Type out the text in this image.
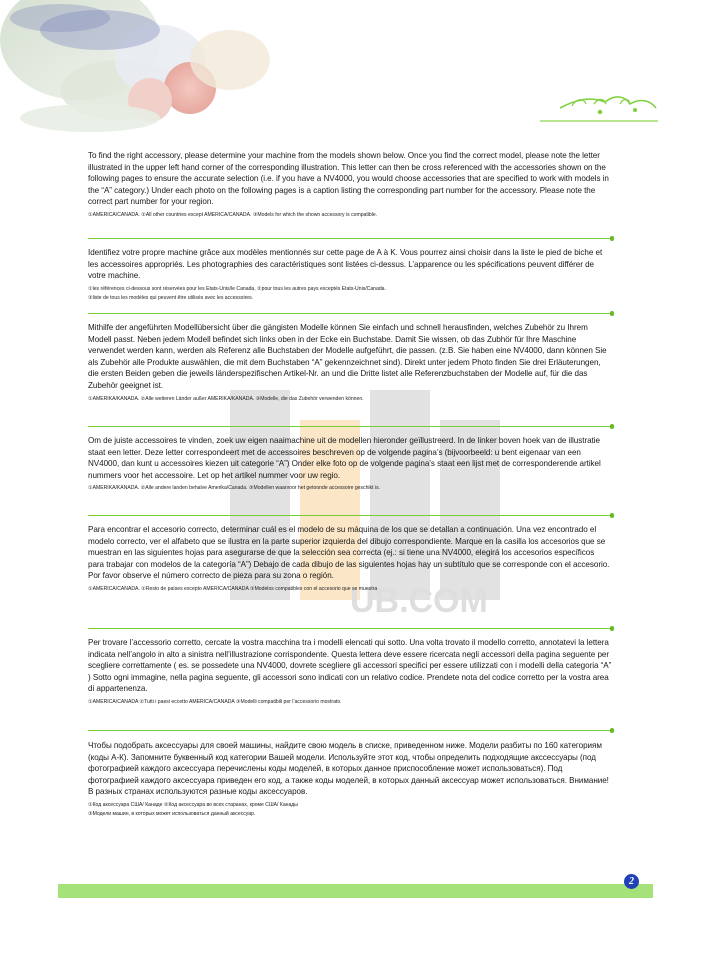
UB.COM

To find the right accessory, please determine your machine from the models shown below. Once you find the correct model, please note the letter illustrated in the upper left hand corner of the corresponding illustration. This letter can then be cross referenced with the accessories shown on the following pages to ensure the accurate selection (i.e. if you have a NV4000, you would choose accessories that are specified to work with models in the “A” category.) Under each photo on the following pages is a caption listing the corresponding part number for the accessory. Please note the correct part number for your region.

①AMERICA/CANADA. ②All other countries except AMERICA/CANADA. ③Models for which the shown accessory is compatible.

Identifiez votre propre machine grâce aux modèles mentionnés sur cette page de A à K. Vous pourrez ainsi choisir dans la liste le pied de biche et les accessoires appropriés. Les photographies des caractéristiques sont listées ci-dessus. L’apparence ou les spécifications peuvent différer de votre machine.

①les références ci-dessous sont réservées pour les Etats-Unis/le Canada, ②pour tous les autres pays exceptés Etats-Unis/Canada.
③liste de tous les modèles qui peuvent être utilisés avec les accessoires.

Mithilfe der angeführten Modellübersicht über die gängisten Modelle können Sie einfach und schnell herausfinden, welches Zubehör zu Ihrem Modell passt. Neben jedem Modell befindet sich links oben in der Ecke ein Buchstabe. Damit Sie wissen, ob das Zubhör für Ihre Maschine verwendet werden kann, werden als Referenz alle Buchstaben der Modelle aufgeführt, die passen. (z.B. Sie haben eine NV4000, dann können Sie als Zubehör alle Produkte auswählen, die mit dem Buchstaben “A” gekennzeichnet sind). Direkt unter jedem Photo finden Sie drei Erläuterungen, die ersten Beiden geben die jeweils länderspezifischen Artikel-Nr. an und die Dritte listet alle Referenzbuchstaben der Modelle auf, für die das Zubehör geeignet ist.

①AMERIKA/KANADA. ②Alle weiteren Länder außer AMERIKA/KANADA. ③Modelle, die das Zubehör verwenden können.

Om de juiste accessoires te vinden, zoek uw eigen naaimachine uit de modellen hieronder geïllustreerd. In de linker boven hoek van de illustratie staat een letter. Deze letter correspondeert met de accessoires beschreven op de volgende pagina’s (bijvoorbeeld: u bent eigenaar van een NV4000, dan kunt u accessoires kiezen uit categorie “A”) Onder elke foto op de volgende pagina’s staat een lijst met de corresponderende artikel nummers voor het accessoire. Let op het artikel nummer voor uw regio.

①AMERIKA/KANADA. ②Alle andere landen behalve Amerika/Canada. ③Modellen waarvoor het getoonde accessoire geschikt is.

Para encontrar el accesorio correcto, determinar cuál es el modelo de su máquina de los que se detallan a continuación. Una vez encontrado el modelo correcto, ver el alfabeto que se ilustra en la parte superior izquierda del dibujo correspondiente. Marque en la casilla los accesorios que se muestran en las siguientes hojas para asegurarse de que la selección sea correcta (ej.: si tiene una NV4000, elegirá los accesorios específicos para trabajar con modelos de la categoría “A”) Debajo de cada dibujo de las siguientes hojas hay un subtítulo que se corresponde con el accesorio. Por favor observe el número correcto de pieza para su zona o región.

①AMERICA/CANADA. ②Resto de países excepto AMERICA/CANADA ③Modelos compatibles con el accesorio que se muestra

Per trovare l’accessorio corretto, cercate la vostra macchina tra i modelli elencati qui sotto. Una volta trovato il modello corretto, annotatevi la lettera indicata nell’angolo in alto a sinistra nell’illustrazione corrispondente. Questa lettera deve essere ricercata negli accessori della pagina seguente per scegliere correttamente ( es. se possedete una NV4000, dovrete scegliere gli accessori specifici per essere utilizzati con i modelli della categoria “A” ) Sotto ogni immagine, nella pagina seguente, gli accessori sono indicati con un relativo codice. Prendete nota del codice corretto per la vostra area di appartenenza.

①AMERICA/CANADA ②Tutti i paesi eccetto AMERICA/CANADA ③Modelli compatibili per l’accessorio mostrato.

Чтобы подобрать аксессуары для своей машины, найдите свою модель в списке, приведенном ниже. Модели разбиты по 160 категориям (коды А-К). Запомните буквенный код категории Вашей модели. Используйте этот код, чтобы определить подходящие акссессуары (под фотографией каждого аксессуара перечислены коды моделей, в которых данное приспособление может использоваться). Под фотографией каждого аксессуара приведен его код, а также коды моделей, в которых данный аксессуар может использоваться. Внимание! В разных странах используются разные коды аксессуаров.

①Код аксессуара США/ Канаде ②Код аксессуара во всех старанах, кроме США/ Канады
③Модели машин, в которых может использоваться данный аксессуар.
2
